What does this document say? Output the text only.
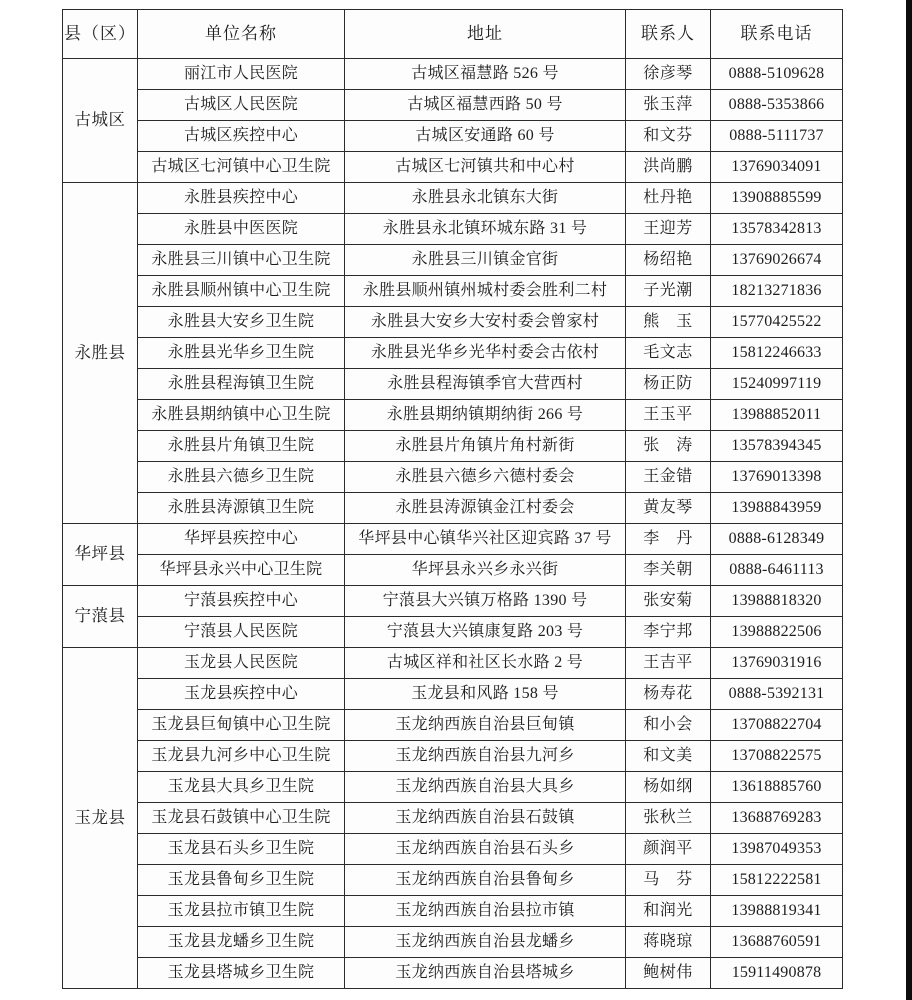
县（区）	单位名称	地址	联系人	联系电话
古城区	丽江市人民医院	古城区福慧路 526 号	徐彦琴	0888-5109628
	古城区人民医院	古城区福慧西路 50 号	张玉萍	0888-5353866
	古城区疾控中心	古城区安通路 60 号	和文芬	0888-5111737
	古城区七河镇中心卫生院	古城区七河镇共和中心村	洪尚鹏	13769034091
永胜县	永胜县疾控中心	永胜县永北镇东大街	杜丹艳	13908885599
	永胜县中医医院	永胜县永北镇环城东路 31 号	王迎芳	13578342813
	永胜县三川镇中心卫生院	永胜县三川镇金官街	杨绍艳	13769026674
	永胜县顺州镇中心卫生院	永胜县顺州镇州城村委会胜利二村	子光潮	18213271836
	永胜县大安乡卫生院	永胜县大安乡大安村委会曾家村	熊　玉	15770425522
	永胜县光华乡卫生院	永胜县光华乡光华村委会古依村	毛文志	15812246633
	永胜县程海镇卫生院	永胜县程海镇季官大营西村	杨正防	15240997119
	永胜县期纳镇中心卫生院	永胜县期纳镇期纳街 266 号	王玉平	13988852011
	永胜县片角镇卫生院	永胜县片角镇片角村新街	张　涛	13578394345
	永胜县六德乡卫生院	永胜县六德乡六德村委会	王金错	13769013398
	永胜县涛源镇卫生院	永胜县涛源镇金江村委会	黄友琴	13988843959
华坪县	华坪县疾控中心	华坪县中心镇华兴社区迎宾路 37 号	李　丹	0888-6128349
	华坪县永兴中心卫生院	华坪县永兴乡永兴街	李关朝	0888-6461113
宁蒗县	宁蒗县疾控中心	宁蒗县大兴镇万格路 1390 号	张安菊	13988818320
	宁蒗县人民医院	宁蒗县大兴镇康复路 203 号	李宁邦	13988822506
玉龙县	玉龙县人民医院	古城区祥和社区长水路 2 号	王吉平	13769031916
	玉龙县疾控中心	玉龙县和风路 158 号	杨寿花	0888-5392131
	玉龙县巨甸镇中心卫生院	玉龙纳西族自治县巨甸镇	和小会	13708822704
	玉龙县九河乡中心卫生院	玉龙纳西族自治县九河乡	和文美	13708822575
	玉龙县大具乡卫生院	玉龙纳西族自治县大具乡	杨如纲	13618885760
	玉龙县石鼓镇中心卫生院	玉龙纳西族自治县石鼓镇	张秋兰	13688769283
	玉龙县石头乡卫生院	玉龙纳西族自治县石头乡	颜润平	13987049353
	玉龙县鲁甸乡卫生院	玉龙纳西族自治县鲁甸乡	马　芬	15812222581
	玉龙县拉市镇卫生院	玉龙纳西族自治县拉市镇	和润光	13988819341
	玉龙县龙蟠乡卫生院	玉龙纳西族自治县龙蟠乡	蒋晓琼	13688760591
	玉龙县塔城乡卫生院	玉龙纳西族自治县塔城乡	鲍树伟	15911490878
